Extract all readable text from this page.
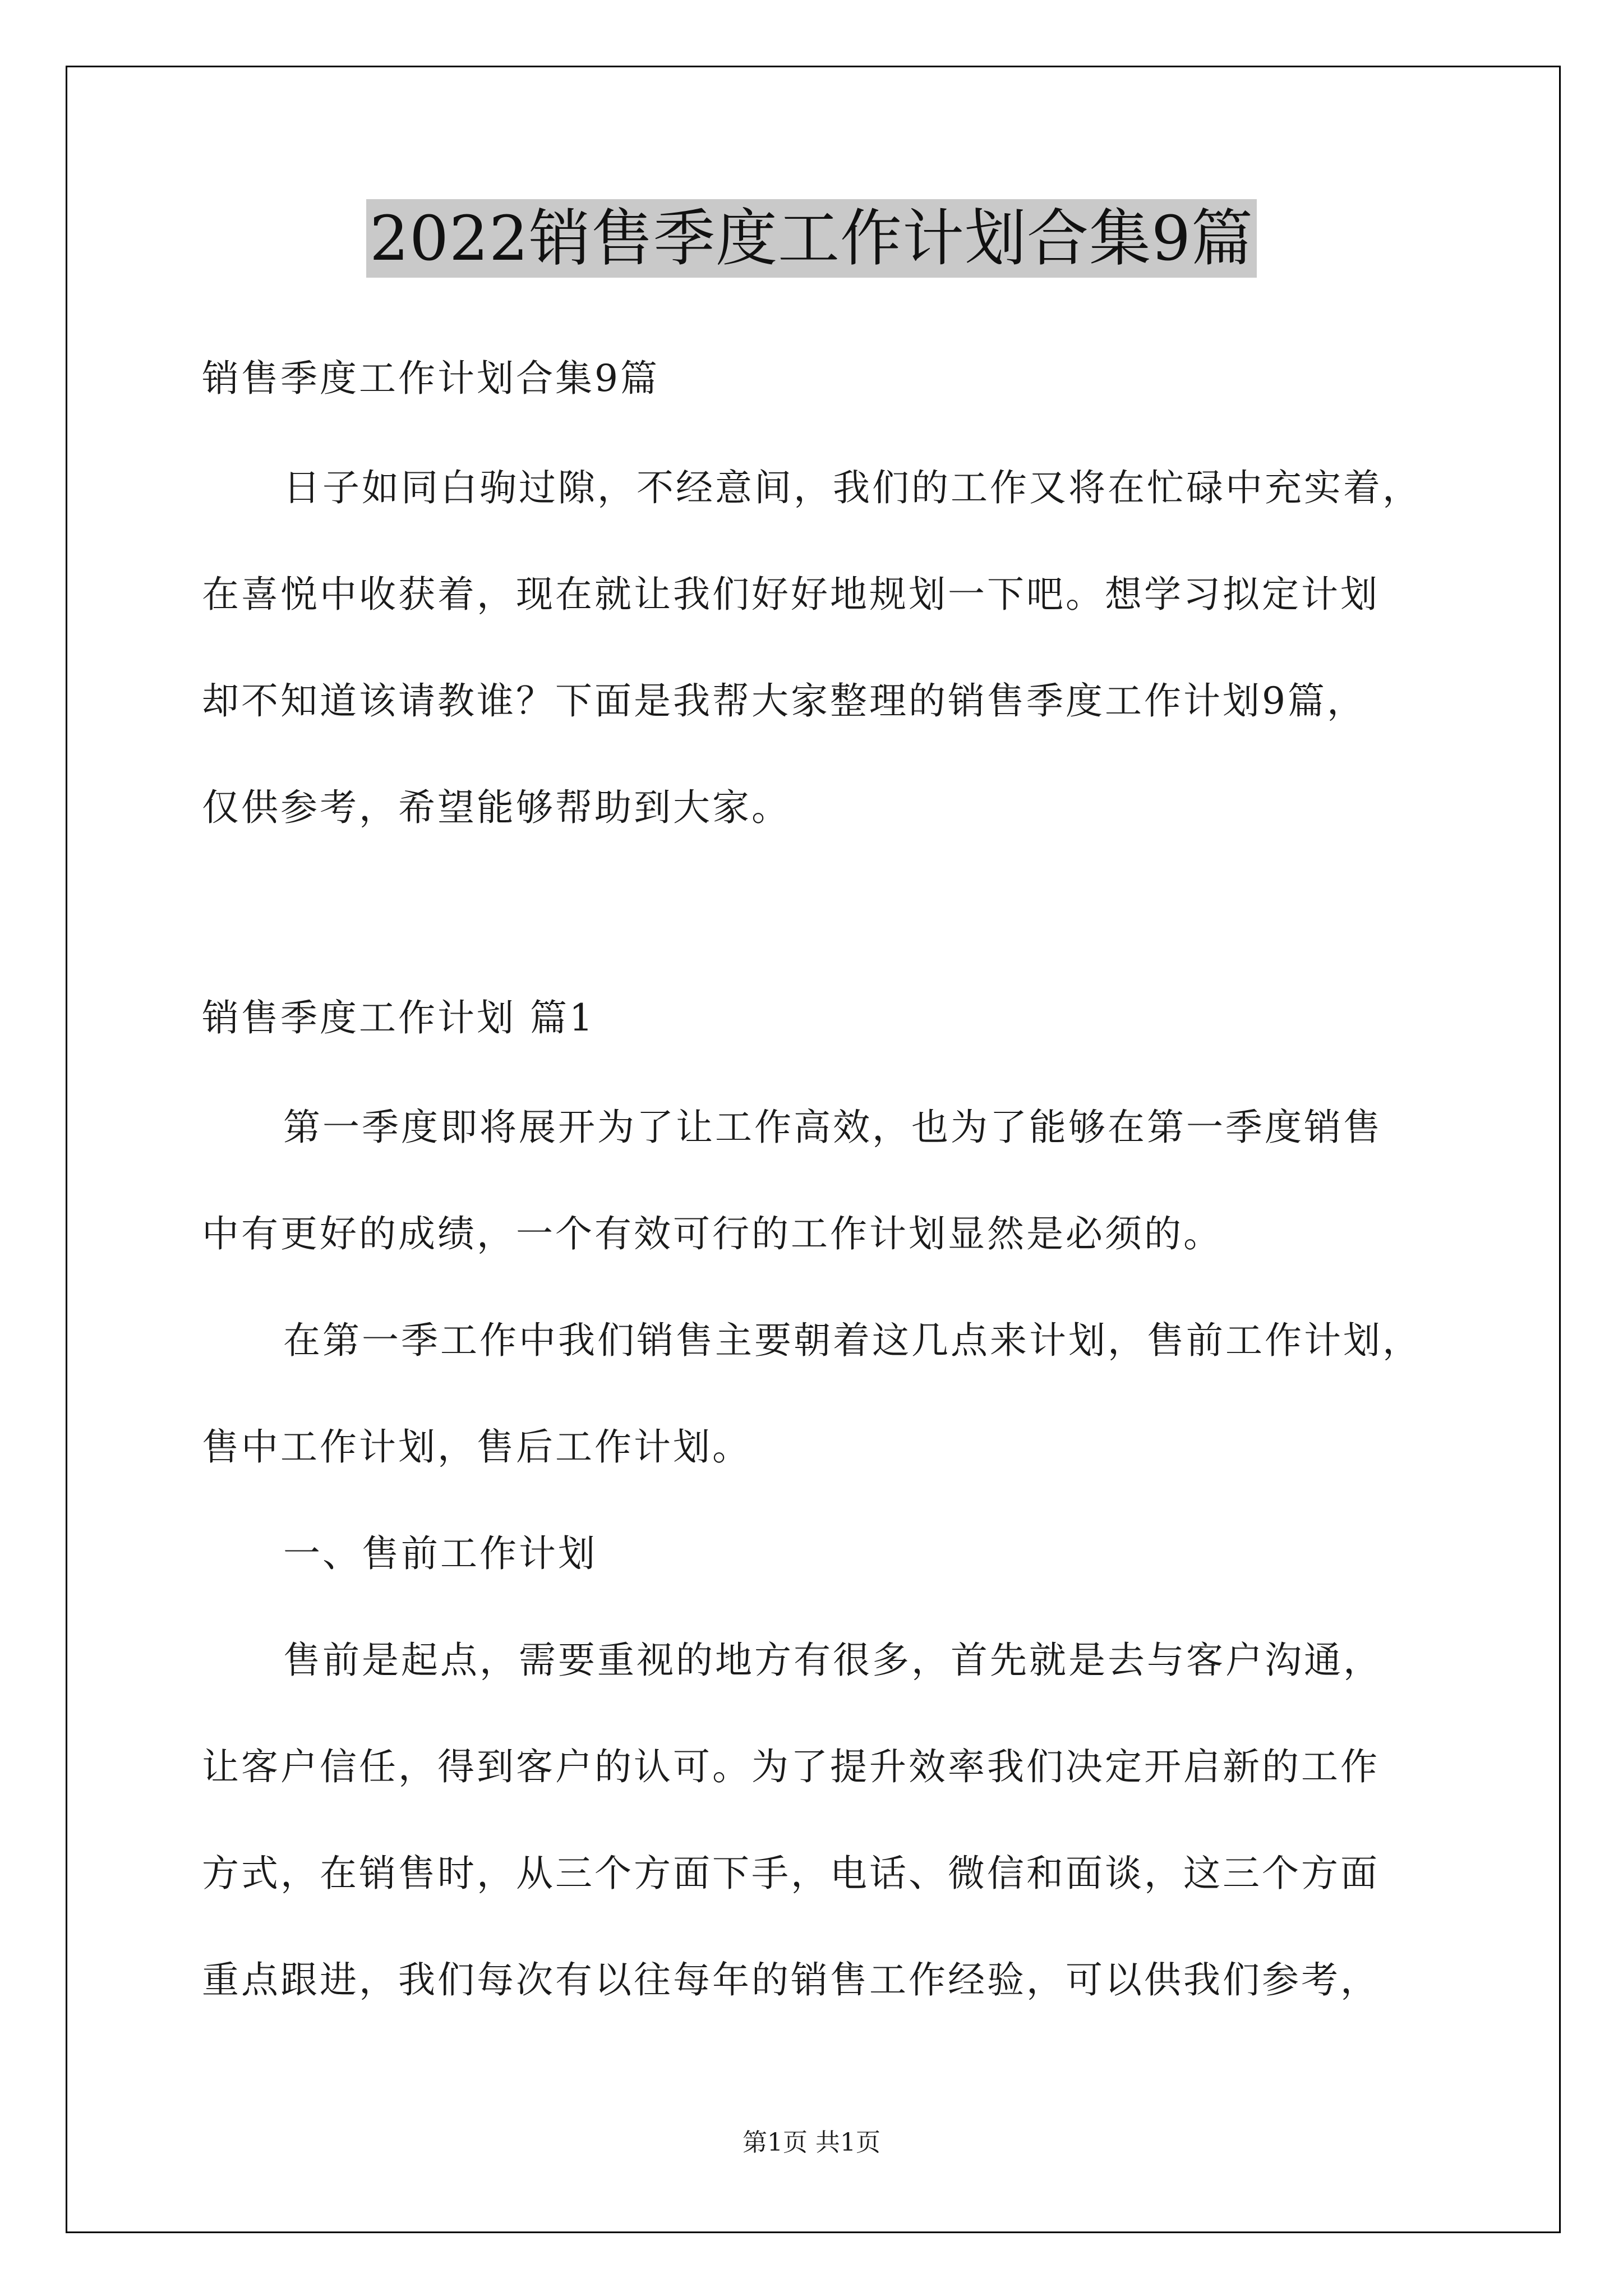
2022销售季度工作计划合集9篇
销售季度工作计划合集9篇
日子如同白驹过隙，不经意间，我们的工作又将在忙碌中充实着，
在喜悦中收获着，现在就让我们好好地规划一下吧。想学习拟定计划
却不知道该请教谁？下面是我帮大家整理的销售季度工作计划9篇，
仅供参考，希望能够帮助到大家。
销售季度工作计划 篇1
第一季度即将展开为了让工作高效，也为了能够在第一季度销售
中有更好的成绩，一个有效可行的工作计划显然是必须的。
在第一季工作中我们销售主要朝着这几点来计划，售前工作计划，
售中工作计划，售后工作计划。
一、售前工作计划
售前是起点，需要重视的地方有很多，首先就是去与客户沟通，
让客户信任，得到客户的认可。为了提升效率我们决定开启新的工作
方式，在销售时，从三个方面下手，电话、微信和面谈，这三个方面
重点跟进，我们每次有以往每年的销售工作经验，可以供我们参考，
第1页 共1页
